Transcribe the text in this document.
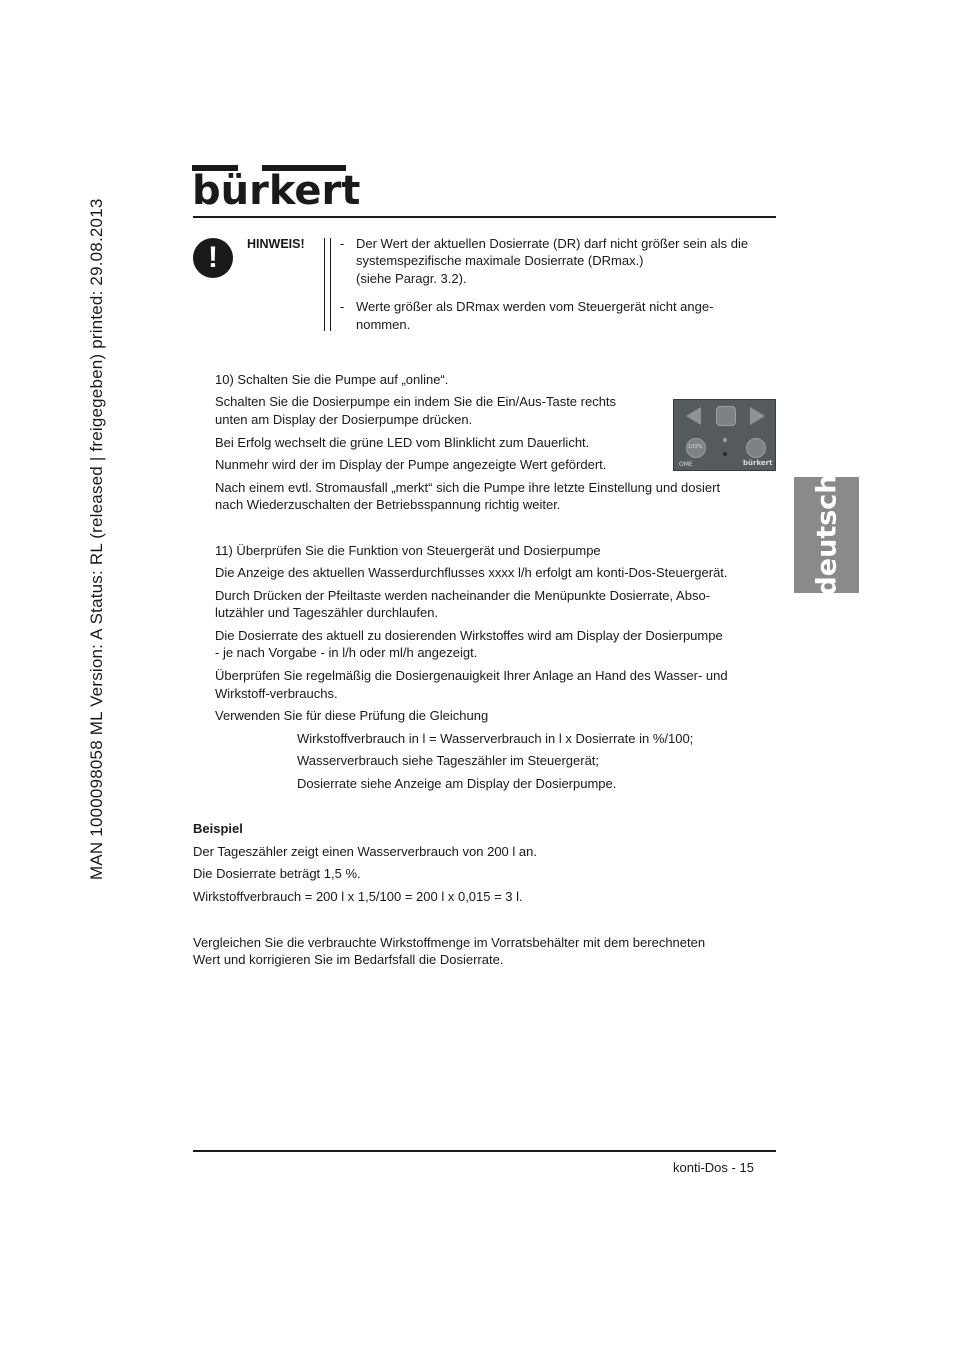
MAN 1000098058 ML Version: A Status: RL (released | freigegeben) printed: 29.08.2013
bürkert
deutsch
!	HINWEIS!	- Der Wert der aktuellen Dosierrate (DR) darf nicht größer sein als die
systemspezifische maximale Dosierrate (DRmax.)
(siehe Paragr. 3.2).
- Werte größer als DRmax werden vom Steuergerät nicht ange-
nommen.
10) Schalten Sie die Pumpe auf „online“.
Schalten Sie die Dosierpumpe ein indem Sie die Ein/Aus-Taste rechts
unten am Display der Dosierpumpe drücken.
Bei Erfolg wechselt die grüne LED vom Blinklicht zum Dauerlicht.
Nunmehr wird der im Display der Pumpe angezeigte Wert gefördert.
Nach einem evtl. Stromausfall „merkt“ sich die Pumpe ihre letzte Einstellung und dosiert
nach Wiederzuschalten der Betriebsspannung richtig weiter.
100%
OME	bürkert
11) Überprüfen Sie die Funktion von Steuergerät und Dosierpumpe
Die Anzeige des aktuellen Wasserdurchflusses xxxx l/h erfolgt am konti-Dos-Steuergerät.
Durch Drücken der Pfeiltaste werden nacheinander die Menüpunkte Dosierrate, Abso-
lutzähler und Tageszähler durchlaufen.
Die Dosierrate des aktuell zu dosierenden Wirkstoffes wird am Display der Dosierpumpe
- je nach Vorgabe - in l/h oder ml/h angezeigt.
Überprüfen Sie regelmäßig die Dosiergenauigkeit Ihrer Anlage an Hand des Wasser- und
Wirkstoff-verbrauchs.
Verwenden Sie für diese Prüfung die Gleichung
Wirkstoffverbrauch in l = Wasserverbrauch in l x Dosierrate in %/100;
Wasserverbrauch siehe Tageszähler im Steuergerät;
Dosierrate siehe Anzeige am Display der Dosierpumpe.
Beispiel
Der Tageszähler zeigt einen Wasserverbrauch von 200 l an.
Die Dosierrate beträgt 1,5 %.
Wirkstoffverbrauch = 200 l x 1,5/100 = 200 l x 0,015 = 3 l.
Vergleichen Sie die verbrauchte Wirkstoffmenge im Vorratsbehälter mit dem berechneten
Wert und korrigieren Sie im Bedarfsfall die Dosierrate.
konti-Dos - 15
